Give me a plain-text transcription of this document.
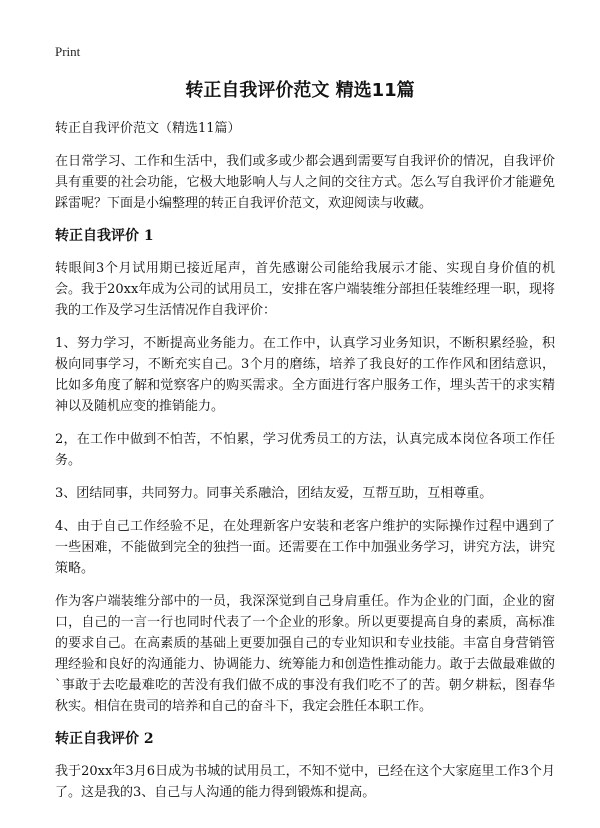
Print
转正自我评价范文 精选11篇

转正自我评价范文（精选11篇）

在日常学习、工作和生活中，我们或多或少都会遇到需要写自我评价的情况，自我评价具有重要的社会功能，它极大地影响人与人之间的交往方式。怎么写自我评价才能避免踩雷呢？下面是小编整理的转正自我评价范文，欢迎阅读与收藏。

转正自我评价 1

转眼间3个月试用期已接近尾声，首先感谢公司能给我展示才能、实现自身价值的机会。我于20xx年成为公司的试用员工，安排在客户端装维分部担任装维经理一职，现将我的工作及学习生活情况作自我评价：

1、努力学习，不断提高业务能力。在工作中，认真学习业务知识，不断积累经验，积极向同事学习，不断充实自己。3个月的磨练，培养了我良好的工作作风和团结意识，比如多角度了解和觉察客户的购买需求。全方面进行客户服务工作，埋头苦干的求实精神以及随机应变的推销能力。

2，在工作中做到不怕苦，不怕累，学习优秀员工的方法，认真完成本岗位各项工作任务。

3、团结同事，共同努力。同事关系融洽，团结友爱，互帮互助，互相尊重。

4、由于自己工作经验不足，在处理新客户安装和老客户维护的实际操作过程中遇到了一些困难，不能做到完全的独挡一面。还需要在工作中加强业务学习，讲究方法，讲究策略。

作为客户端装维分部中的一员，我深深觉到自己身肩重任。作为企业的门面，企业的窗口，自己的一言一行也同时代表了一个企业的形象。所以更要提高自身的素质，高标准的要求自己。在高素质的基础上更要加强自己的专业知识和专业技能。丰富自身营销管理经验和良好的沟通能力、协调能力、统筹能力和创造性推动能力。敢于去做最难做的`事敢于去吃最难吃的苦没有我们做不成的事没有我们吃不了的苦。朝夕耕耘，图春华秋实。相信在贵司的培养和自己的奋斗下，我定会胜任本职工作。

转正自我评价 2

我于20xx年3月6日成为书城的试用员工，不知不觉中，已经在这个大家庭里工作3个月了。这是我的3、自己与人沟通的能力得到锻炼和提高。
